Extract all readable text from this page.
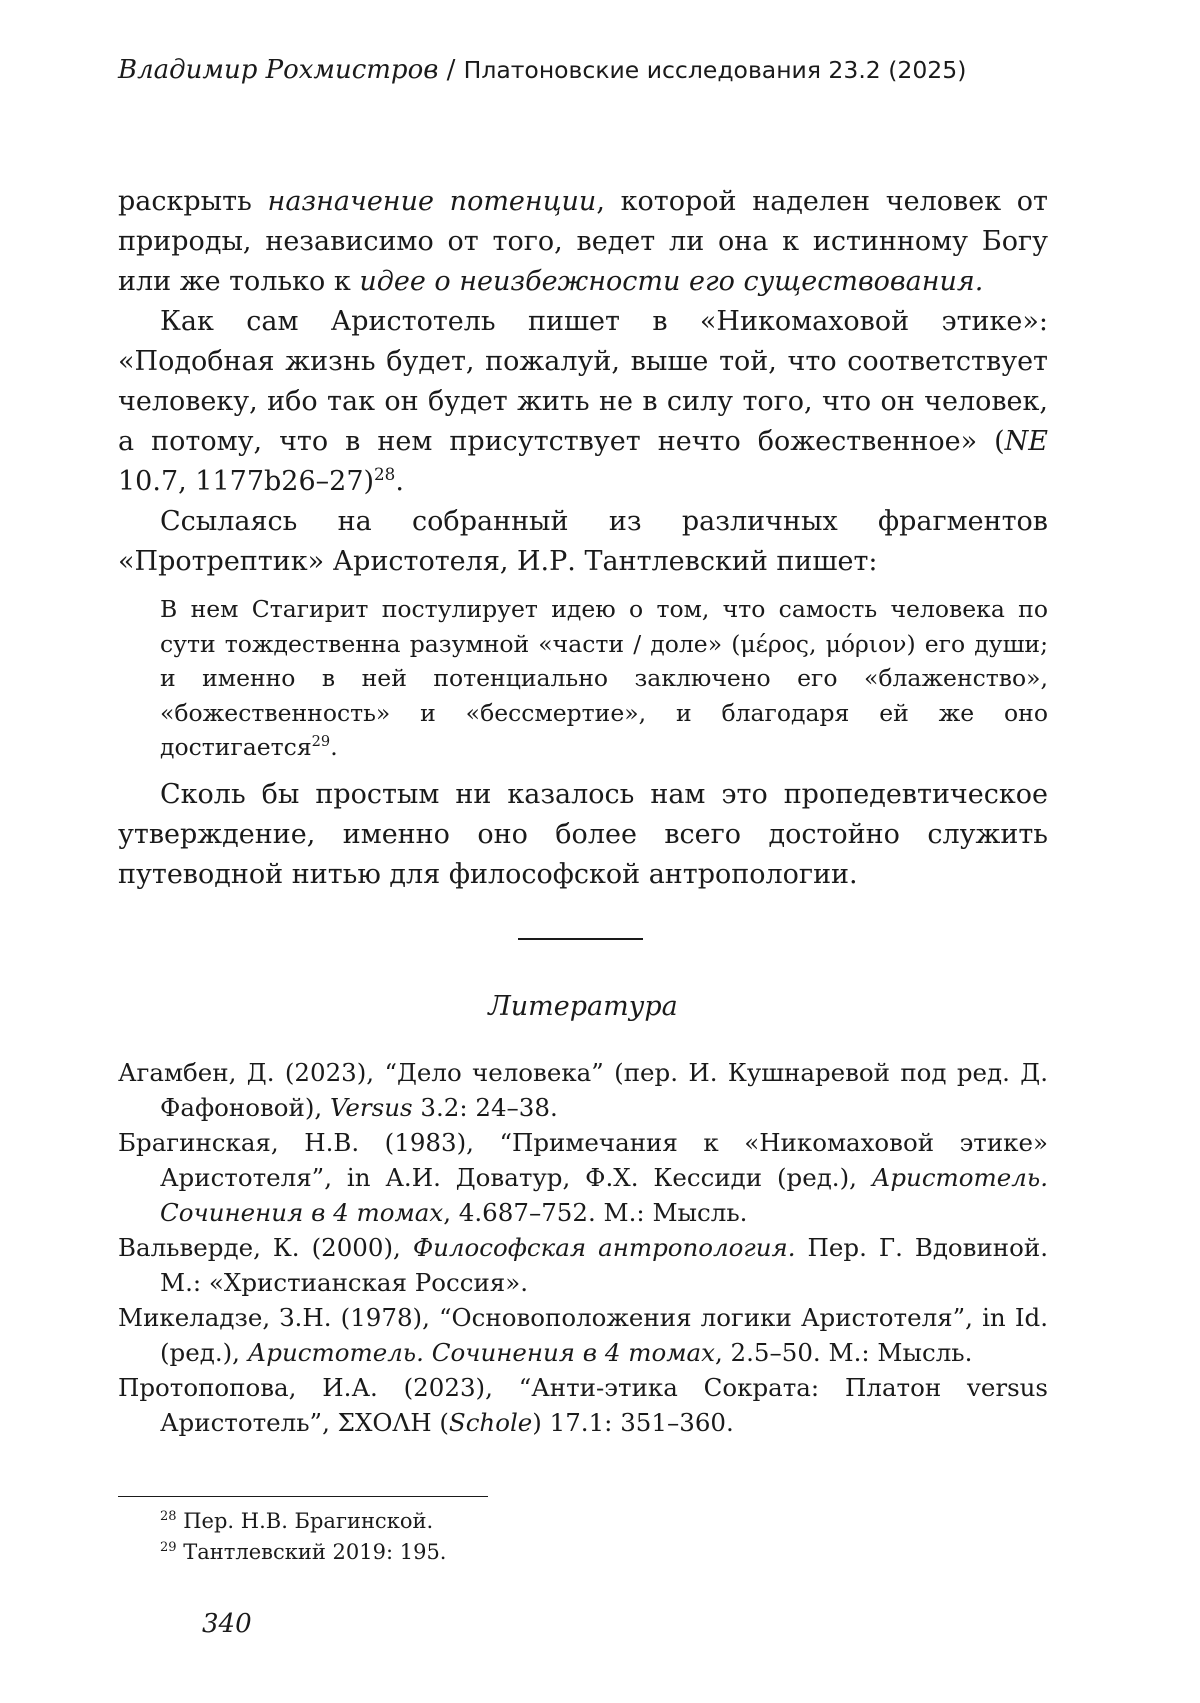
Владимир Рохмистров / Платоновские исследования 23.2 (2025)

раскрыть назначение потенции, которой наделен человек от природы, независимо от того, ведет ли она к истинному Богу или же только к идее о неизбежности его существования.

Как сам Аристотель пишет в «Никомаховой этике»: «Подобная жизнь будет, пожалуй, выше той, что соответствует человеку, ибо так он будет жить не в силу того, что он человек, а потому, что в нем присутствует нечто божественное» (NE 10.7, 1177b26–27)$^{28}$.

Ссылаясь на собранный из различных фрагментов «Протрептик» Аристотеля, И.Р. Тантлевский пишет:

В нем Стагирит постулирует идею о том, что самость человека по сути тождественна разумной «части / доле» (μέρος, μόριον) его души; и именно в ней потенциально заключено его «блаженство», «божественность» и «бессмертие», и благодаря ей же оно достигается$^{29}$.

Сколь бы простым ни казалось нам это пропедевтическое утверждение, именно оно более всего достойно служить путеводной нитью для философской антропологии.

Литература

Агамбен, Д. (2023), “Дело человека” (пер. И. Кушнаревой под ред. Д. Фафоновой), Versus 3.2: 24–38.

Брагинская, Н.В. (1983), “Примечания к «Никомаховой этике» Аристотеля”, in А.И. Доватур, Ф.Х. Кессиди (ред.), Аристотель. Сочинения в 4 томах, 4.687–752. М.: Мысль.

Вальверде, К. (2000), Философская антропология. Пер. Г. Вдовиной. М.: «Христианская Россия».

Микеладзе, З.Н. (1978), “Основоположения логики Аристотеля”, in Id. (ред.), Аристотель. Сочинения в 4 томах, 2.5–50. М.: Мысль.

Протопопова, И.А. (2023), “Анти-этика Сократа: Платон versus Аристотель”, ΣΧΟΛΗ (Schole) 17.1: 351–360.

$^{28}$ Пер. Н.В. Брагинской.

$^{29}$ Тантлевский 2019: 195.

340
